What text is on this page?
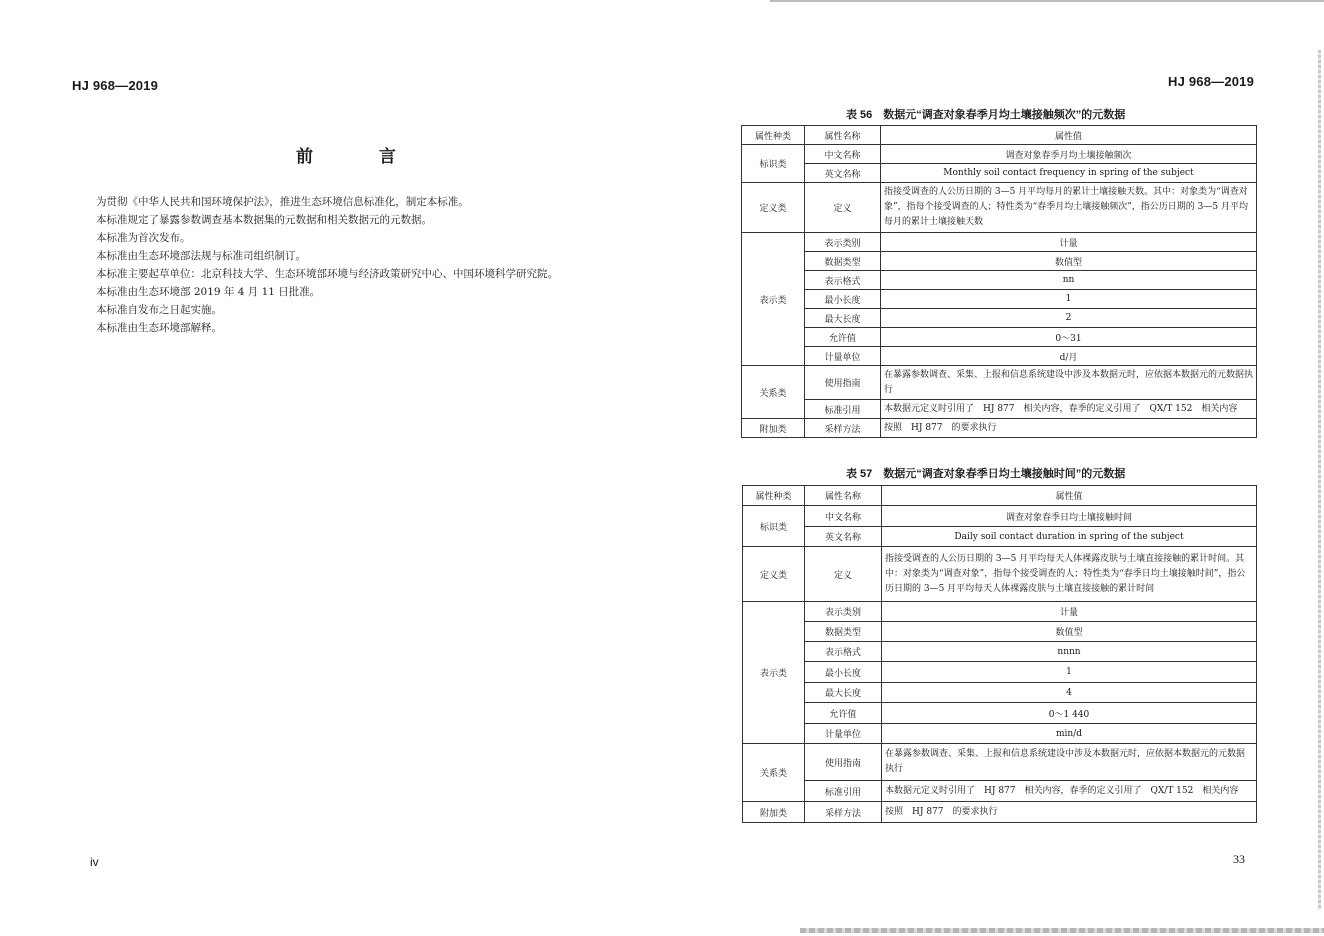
HJ 968—2019
前 言

为贯彻《中华人民共和国环境保护法》，推进生态环境信息标准化，制定本标准。

本标准规定了暴露参数调查基本数据集的元数据和相关数据元的元数据。

本标准为首次发布。

本标准由生态环境部法规与标准司组织制订。

本标准主要起草单位：北京科技大学、生态环境部环境与经济政策研究中心、中国环境科学研究院。

本标准由生态环境部 2019 年 4 月 11 日批准。

本标准自发布之日起实施。

本标准由生态环境部解释。

iv
HJ 968—2019
表 56　数据元“调查对象春季月均土壤接触频次”的元数据
属性种类	属性名称	属性值
标识类	中文名称	调查对象春季月均土壤接触频次
	英文名称	Monthly soil contact frequency in spring of the subject
定义类	定义	指接受调查的人公历日期的 3—5 月平均每月的累计土壤接触天数。其中：对象类为“调查对象”，指每个接受调查的人；特性类为“春季月均土壤接触频次”，指公历日期的 3—5 月平均每月的累计土壤接触天数
表示类	表示类别	计量
	数据类型	数值型
	表示格式	nn
	最小长度	1
	最大长度	2
	允许值	0～31
	计量单位	d/月
关系类	使用指南	在暴露参数调查、采集、上报和信息系统建设中涉及本数据元时，应依据本数据元的元数据执行
	标准引用	本数据元定义时引用了　HJ 877　相关内容，春季的定义引用了　QX/T 152　相关内容
附加类	采样方法	按照　HJ 877　的要求执行
表 57　数据元“调查对象春季日均土壤接触时间”的元数据
属性种类	属性名称	属性值
标识类	中文名称	调查对象春季日均土壤接触时间
	英文名称	Daily soil contact duration in spring of the subject
定义类	定义	指接受调查的人公历日期的 3—5 月平均每天人体裸露皮肤与土壤直接接触的累计时间。其中：对象类为“调查对象”，指每个接受调查的人；特性类为“春季日均土壤接触时间”，指公历日期的 3—5 月平均每天人体裸露皮肤与土壤直接接触的累计时间
表示类	表示类别	计量
	数据类型	数值型
	表示格式	nnnn
	最小长度	1
	最大长度	4
	允许值	0～1 440
	计量单位	min/d
关系类	使用指南	在暴露参数调查、采集、上报和信息系统建设中涉及本数据元时，应依据本数据元的元数据执行
	标准引用	本数据元定义时引用了　HJ 877　相关内容，春季的定义引用了　QX/T 152　相关内容
附加类	采样方法	按照　HJ 877　的要求执行
33
